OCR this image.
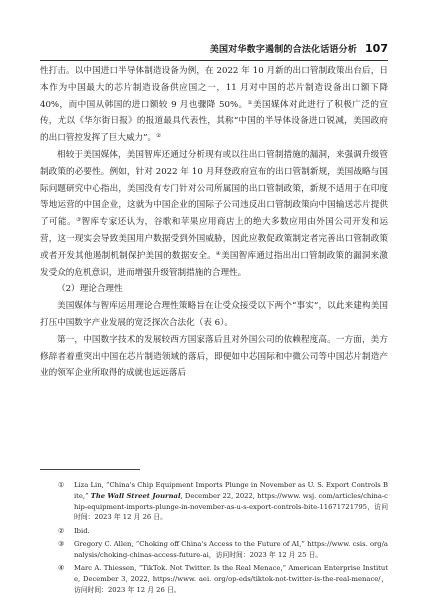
美国对华数字遏制的合法化话语分析 107

性打击。以中国进口半导体制造设备为例，在 2022 年 10 月新的出口管制政策出台后，日本作为中国最大的芯片制造设备供应国之一，11 月对中国的芯片制造设备出口额下降 40%，而中国从韩国的进口额较 9 月也骤降 50%。①美国媒体对此进行了积极广泛的宣传，尤以《华尔街日报》的报道最具代表性，其称“中国的半导体设备进口锐减，美国政府的出口管控发挥了巨大威力”。②

相较于美国媒体，美国智库还通过分析现有或以往出口管制措施的漏洞，来强调升级管制政策的必要性。例如，针对 2022 年 10 月拜登政府宣布的出口管制新规，美国战略与国际问题研究中心指出，美国没有专门针对公司所属国的出口管制政策，新规不适用于在印度等地运营的中国企业，这就为中国企业的国际子公司违反出口管制政策向中国输送芯片提供了可能。③智库专家还认为，谷歌和苹果应用商店上的绝大多数应用由外国公司开发和运营，这一现实会导致美国用户数据受到外国威胁，因此应教促政策制定者完善出口管制政策或者开发其他遏制机制保护美国的数据安全。④美国智库通过指出出口管制政策的漏洞来激发受众的危机意识，进而增强升级管制措施的合理性。

（2）理论合理性

美国媒体与智库运用理论合理性策略旨在让受众接受以下两个“事实”，以此来建构美国打压中国数字产业发展的宽泛探次合法化（表 6）。

第一，中国数字技术的发展较西方国家落后且对外国公司的依赖程度高。一方面，美方修辞者着重突出中国在芯片制造领域的落后，即便如中芯国际和中微公司等中国芯片制造产业的领军企业所取得的成就也远远落后

① Liza Lin, “China's Chip Equipment Imports Plunge in November as U. S. Export Controls Bite,” The Wall Street Journal, December 22, 2022, https://www. wsj. com/articles/china-chip-equipment-imports-plunge-in-november-as-u-s-export-controls-bite-11671721795，访问时间：2023 年 12 月 26 日。

② Ibid.

③ Gregory C. Allen, “Choking off China's Access to the Future of AI,” https://www. csis. org/analysis/choking-chinas-access-future-ai，访问时间：2023 年 12 月 25 日。

④ Marc A. Thiessen, “TikTok. Not Twitter. Is the Real Menace,” American Enterprise Institute, December 3, 2022, https://www. aei. org/op-eds/tiktok-not-twitter-is-the-real-menace/，访问时间：2023 年 12 月 26 日。
